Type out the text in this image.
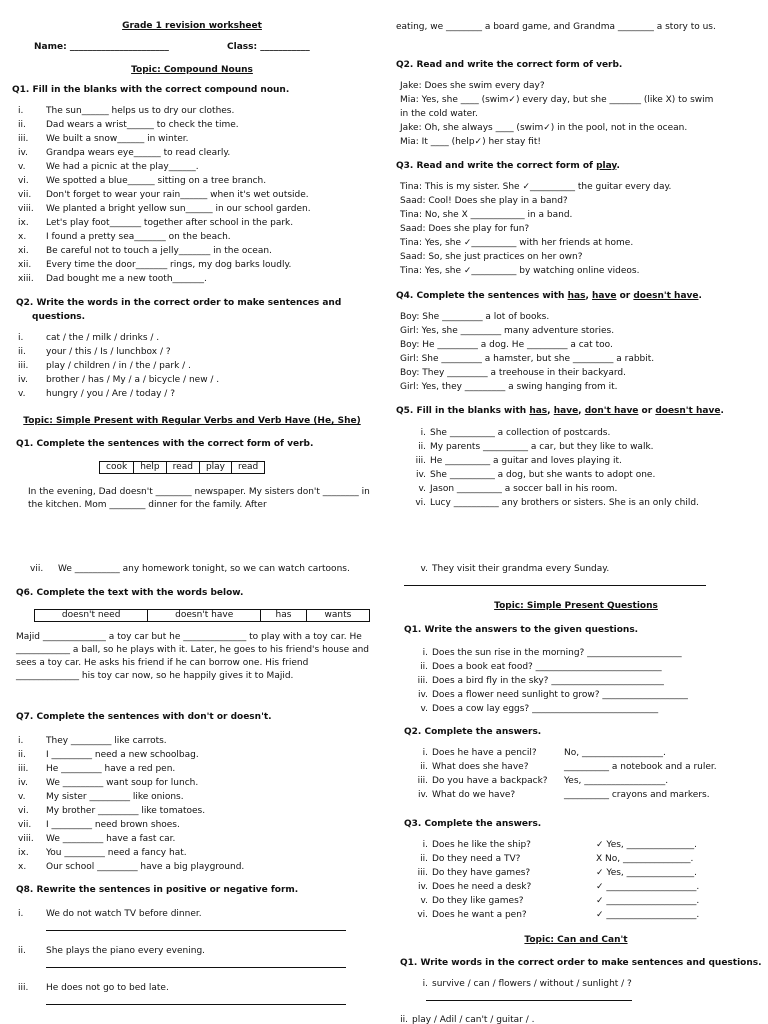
Grade 1 revision worksheet
Name: ______________________	Class: ___________
Topic: Compound Nouns
Q1. Fill in the blanks with the correct compound noun.
i.	The sun______ helps us to dry our clothes.
ii. Dad wears a wrist______ to check the time.
iii. We built a snow______ in winter.
iv. Grandpa wears eye______ to read clearly.
v. We had a picnic at the play______.
vi. We spotted a blue______ sitting on a tree branch.
vii. Don't forget to wear your rain______ when it's wet outside.
viii. We planted a bright yellow sun______ in our school garden.
ix. Let's play foot_______ together after school in the park.
x. I found a pretty sea_______ on the beach.
xi. Be careful not to touch a jelly_______ in the ocean.
xii. Every time the door_______ rings, my dog barks loudly.
xiii. Dad bought me a new tooth_______.
Q2. Write the words in the correct order to make sentences and
questions.
i.	cat / the / milk / drinks / .
ii. your / this / Is / lunchbox / ?
iii. play / children / in / the / park / .
iv. brother / has / My / a / bicycle / new / .
v. hungry / you / Are / today / ?
Topic: Simple Present with Regular Verbs and Verb Have (He, She)
Q1. Complete the sentences with the correct form of verb.
cook	help	read	play	read
In the evening, Dad doesn't ________ newspaper. My sisters don't ________ in the kitchen. Mom ________ dinner for the family. After
eating, we ________ a board game, and Grandma ________ a story to us.
Q2. Read and write the correct form of verb.
Jake: Does she swim every day?
Mia: Yes, she ____ (swim✓) every day, but she _______ (like X) to swim
in the cold water.
Jake: Oh, she always ____ (swim✓) in the pool, not in the ocean.
Mia: It ____ (help✓) her stay fit!
Q3. Read and write the correct form of play.
Tina: This is my sister. She ✓__________ the guitar every day.
Saad: Cool! Does she play in a band?
Tina: No, she X ____________ in a band.
Saad: Does she play for fun?
Tina: Yes, she ✓__________ with her friends at home.
Saad: So, she just practices on her own?
Tina: Yes, she ✓__________ by watching online videos.
Q4. Complete the sentences with has, have or doesn't have.
Boy: She _________ a lot of books.
Girl: Yes, she _________ many adventure stories.
Boy: He _________ a dog. He _________ a cat too.
Girl: She _________ a hamster, but she _________ a rabbit.
Boy: They _________ a treehouse in their backyard.
Girl: Yes, they _________ a swing hanging from it.
Q5. Fill in the blanks with has, have, don't have or doesn't have.
i. She __________ a collection of postcards.
ii. My parents __________ a car, but they like to walk.
iii. He __________ a guitar and loves playing it.
iv. She __________ a dog, but she wants to adopt one.
v. Jason __________ a soccer ball in his room.
vi. Lucy __________ any brothers or sisters. She is an only child.
vii. We __________ any homework tonight, so we can watch cartoons.
Q6. Complete the text with the words below.
doesn't need	doesn't have	has	wants
Majid ______________ a toy car but he ______________ to play with a toy car. He ____________ a ball, so he plays with it. Later, he goes to his friend's house and sees a toy car. He asks his friend if he can borrow one. His friend ______________ his toy car now, so he happily gives it to Majid.
Q7. Complete the sentences with don't or doesn't.
i.	They _________ like carrots.
ii. I _________ need a new schoolbag.
iii. He _________ have a red pen.
iv. We _________ want soup for lunch.
v. My sister _________ like onions.
vi. My brother _________ like tomatoes.
vii. I _________ need brown shoes.
viii. We _________ have a fast car.
ix. You _________ need a fancy hat.
x. Our school _________ have a big playground.
Q8. Rewrite the sentences in positive or negative form.
i.	We do not watch TV before dinner.
ii. She plays the piano every evening.
iii. He does not go to bed late.
v. They visit their grandma every Sunday.
Topic: Simple Present Questions
Q1. Write the answers to the given questions.
i. Does the sun rise in the morning? _____________________
ii. Does a book eat food? ____________________________
iii. Does a bird fly in the sky? _________________________
iv. Does a flower need sunlight to grow? ___________________
v. Does a cow lay eggs? ____________________________
Q2. Complete the answers.
i. Does he have a pencil?	No, __________________.
ii. What does she have?	__________ a notebook and a ruler.
iii. Do you have a backpack? Yes, __________________.
iv. What do we have?	__________ crayons and markers.
Q3. Complete the answers.
i. Does he like the ship?	✓ Yes, _______________.
ii. Do they need a TV?	X No, _______________.
iii. Do they have games?	✓ Yes, _______________.
iv. Does he need a desk?	✓ ____________________.
v. Do they like games?	✓ ____________________.
vi. Does he want a pen?	✓ ____________________.
Topic: Can and Can't
Q1. Write words in the correct order to make sentences and questions.
i. survive / can / flowers / without / sunlight / ?
ii. play / Adil / can't / guitar / .
